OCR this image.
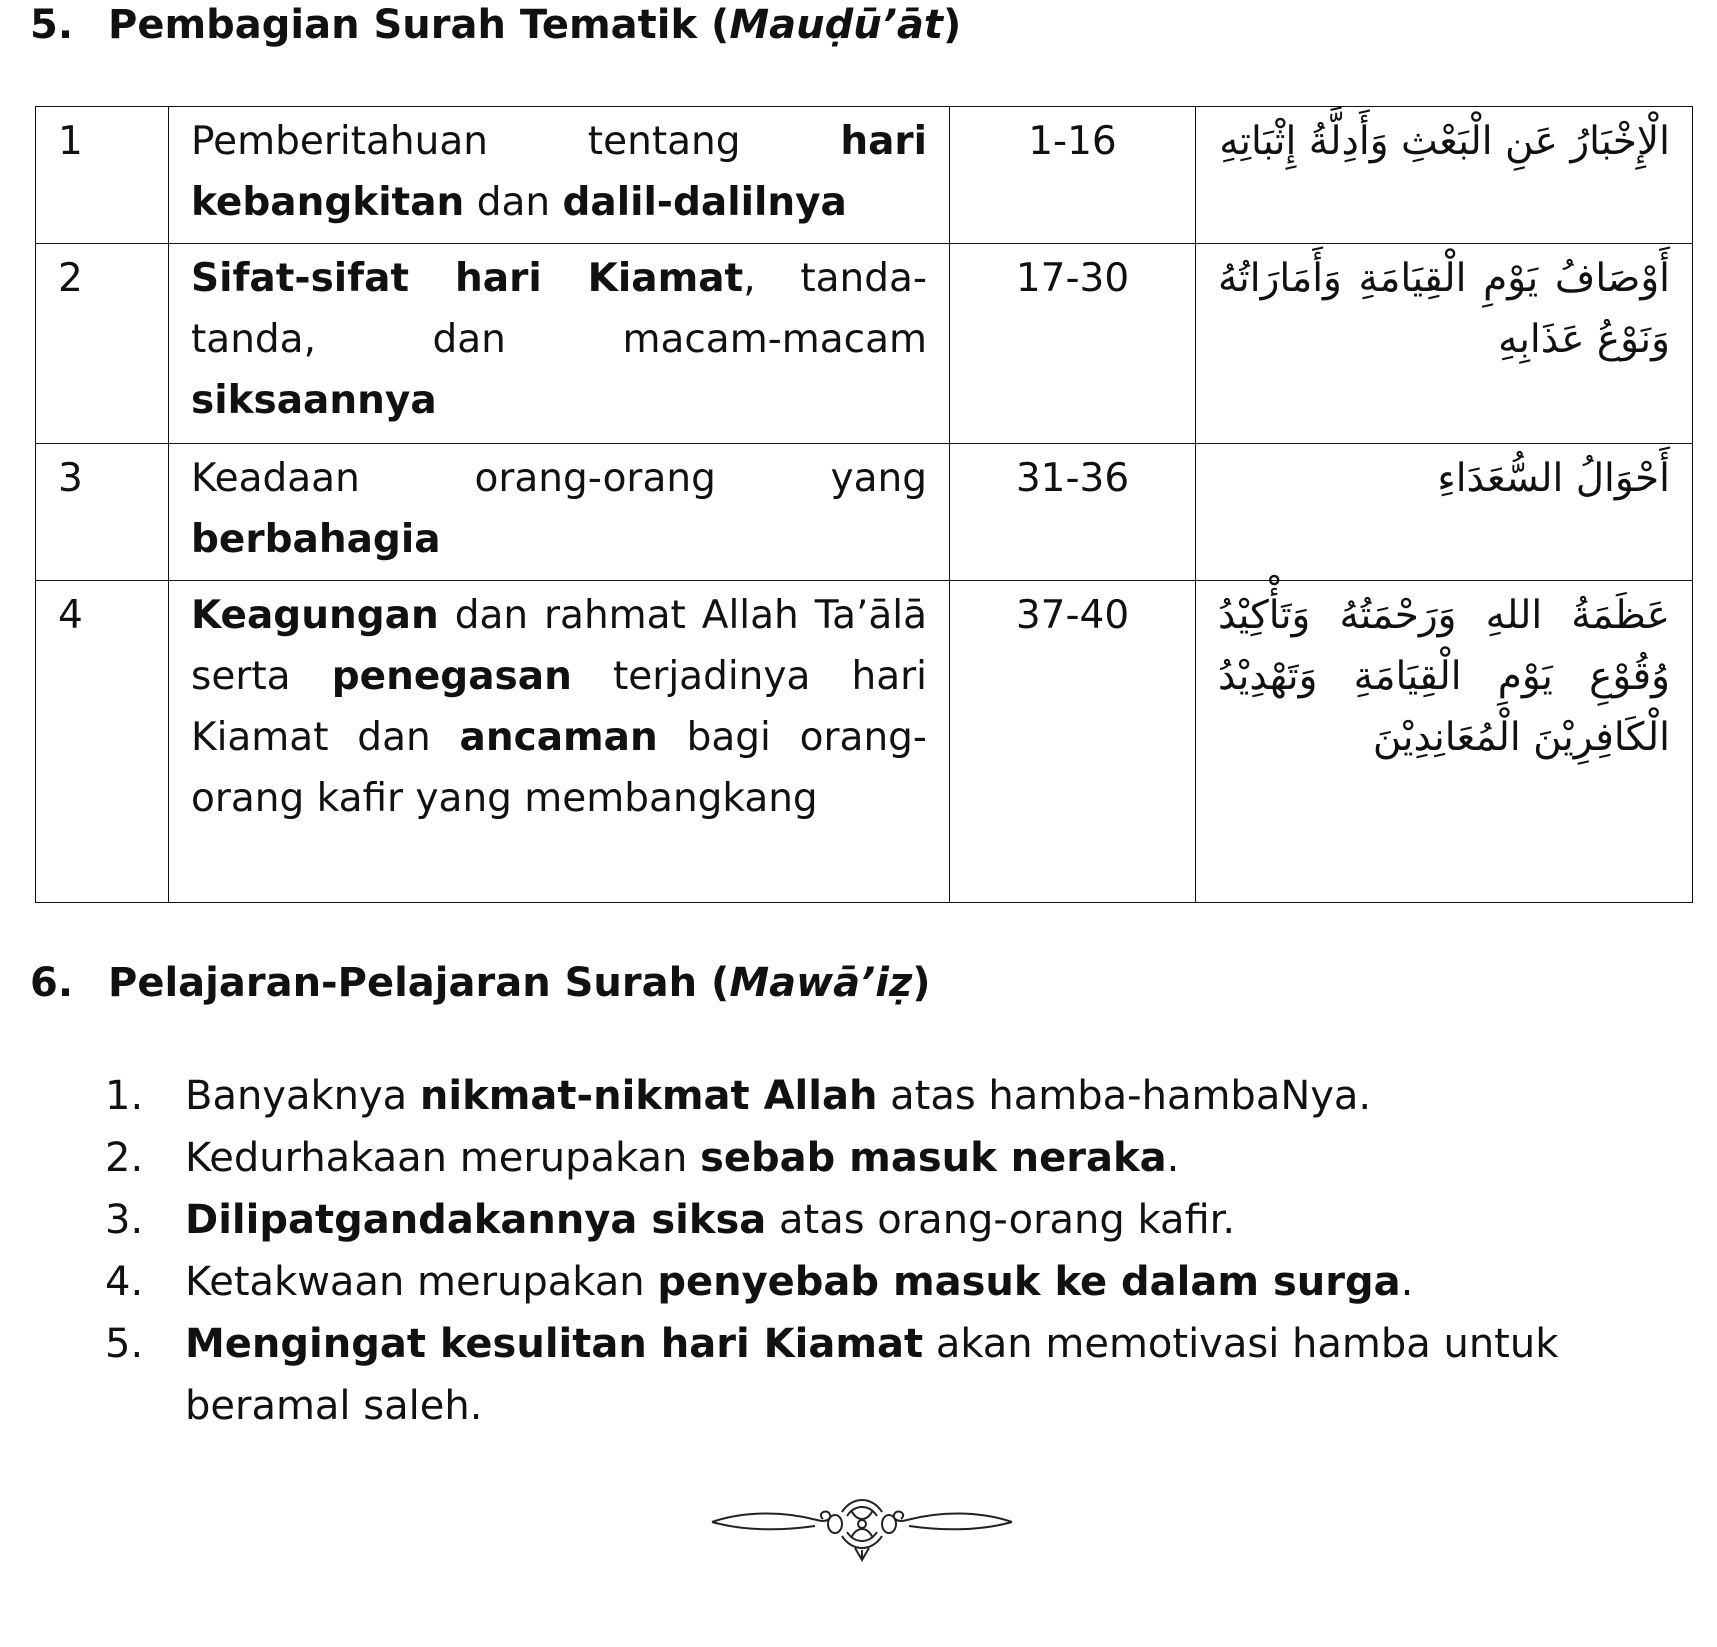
5. Pembagian Surah Tematik (Mauḍū’āt)
1	Pemberitahuan tentang hari kebangkitan dan dalil-dalilnya	1-16	الْإِخْبَارُ عَنِ الْبَعْثِ وَأَدِلَّةُ إِثْبَاتِهِ
2	Sifat-sifat hari Kiamat, tanda-tanda, dan macam-macam siksaannya	17-30	أَوْصَافُ يَوْمِ الْقِيَامَةِ وَأَمَارَاتُهُ وَنَوْعُ عَذَابِهِ
3	Keadaan orang-orang yang berbahagia	31-36	أَحْوَالُ السُّعَدَاءِ
4	Keagungan dan rahmat Allah Ta’ālā serta penegasan terjadinya hari Kiamat dan ancaman bagi orang-orang kafir yang membangkang	37-40	عَظَمَةُ اللهِ وَرَحْمَتُهُ وَتَأْكِيْدُ وُقُوْعِ يَوْمِ الْقِيَامَةِ وَتَهْدِيْدُ الْكَافِرِيْنَ الْمُعَانِدِيْنَ
6. Pelajaran-Pelajaran Surah (Mawā’iẓ)
1. Banyaknya nikmat-nikmat Allah atas hamba-hambaNya.
2. Kedurhakaan merupakan sebab masuk neraka.
3. Dilipatgandakannya siksa atas orang-orang kafir.
4. Ketakwaan merupakan penyebab masuk ke dalam surga.
5. Mengingat kesulitan hari Kiamat akan memotivasi hamba untuk beramal saleh.
